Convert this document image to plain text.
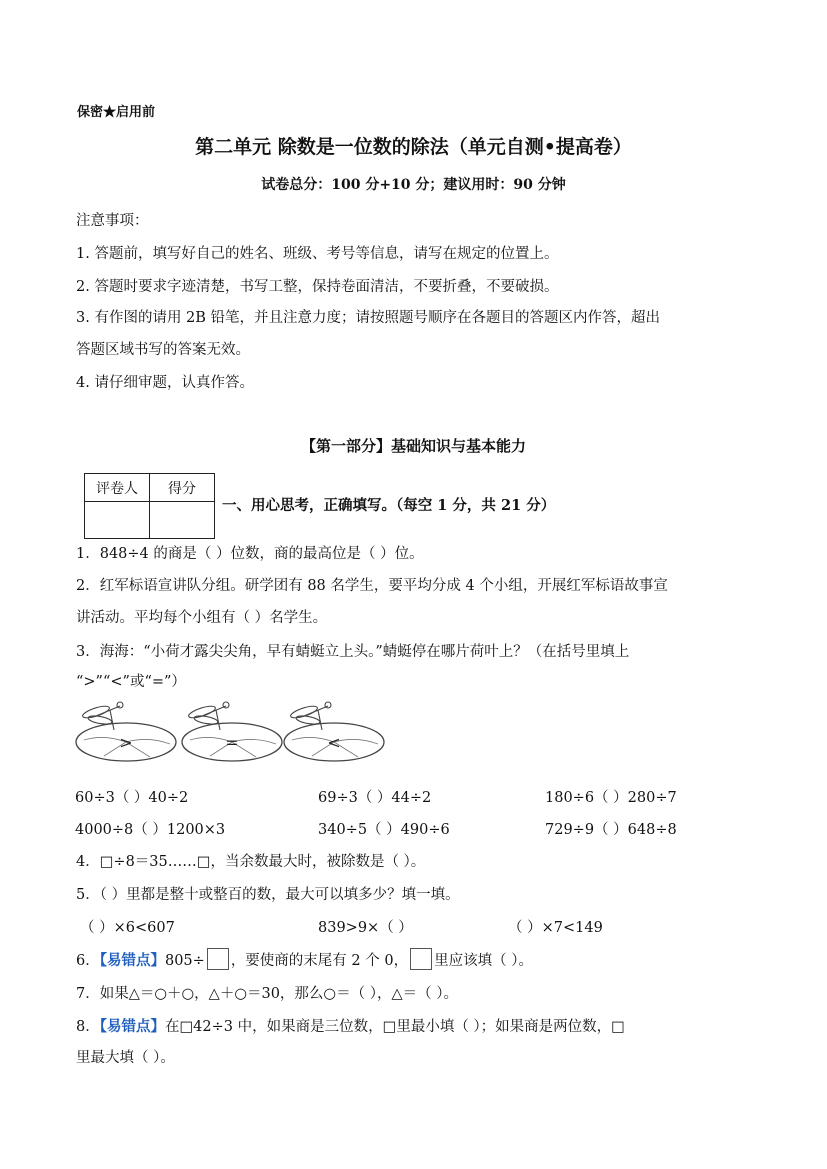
保密★启用前
第二单元 除数是一位数的除法（单元自测•提高卷）
试卷总分：100 分+10 分；建议用时：90 分钟
注意事项：
1. 答题前，填写好自己的姓名、班级、考号等信息，请写在规定的位置上。
2. 答题时要求字迹清楚，书写工整，保持卷面清洁，不要折叠，不要破损。
3. 有作图的请用 2B 铅笔，并且注意力度；请按照题号顺序在各题目的答题区内作答，超出
答题区域书写的答案无效。
4. 请仔细审题，认真作答。
【第一部分】基础知识与基本能力
评卷人	得分

一、用心思考，正确填写。（每空 1 分，共 21 分）
1．848÷4 的商是（ ）位数，商的最高位是（ ）位。
2．红军标语宣讲队分组。研学团有 88 名学生，要平均分成 4 个小组，开展红军标语故事宣
讲活动。平均每个小组有（ ）名学生。
3．海海：“小荷才露尖尖角，早有蜻蜓立上头。”蜻蜓停在哪片荷叶上？（在括号里填上
“>”“<”或“=”）
>	=	<
60÷3（ ）40÷2	69÷3（ ）44÷2	180÷6（ ）280÷7
4000÷8（ ）1200×3	340÷5（ ）490÷6	729÷9（ ）648÷8
4．□÷8＝35……□，当余数最大时，被除数是（ ）。
5．（ ）里都是整十或整百的数，最大可以填多少？填一填。
（ ）×6<607	839>9×（ ）	（ ）×7<149
6．【易错点】805÷ ，要使商的末尾有 2 个 0， 里应该填（ ）。
7．如果△＝○＋○，△＋○＝30，那么○＝（ ），△＝（ ）。
8．【易错点】在□42÷3 中，如果商是三位数，□里最小填（ ）；如果商是两位数，□
里最大填（ ）。
